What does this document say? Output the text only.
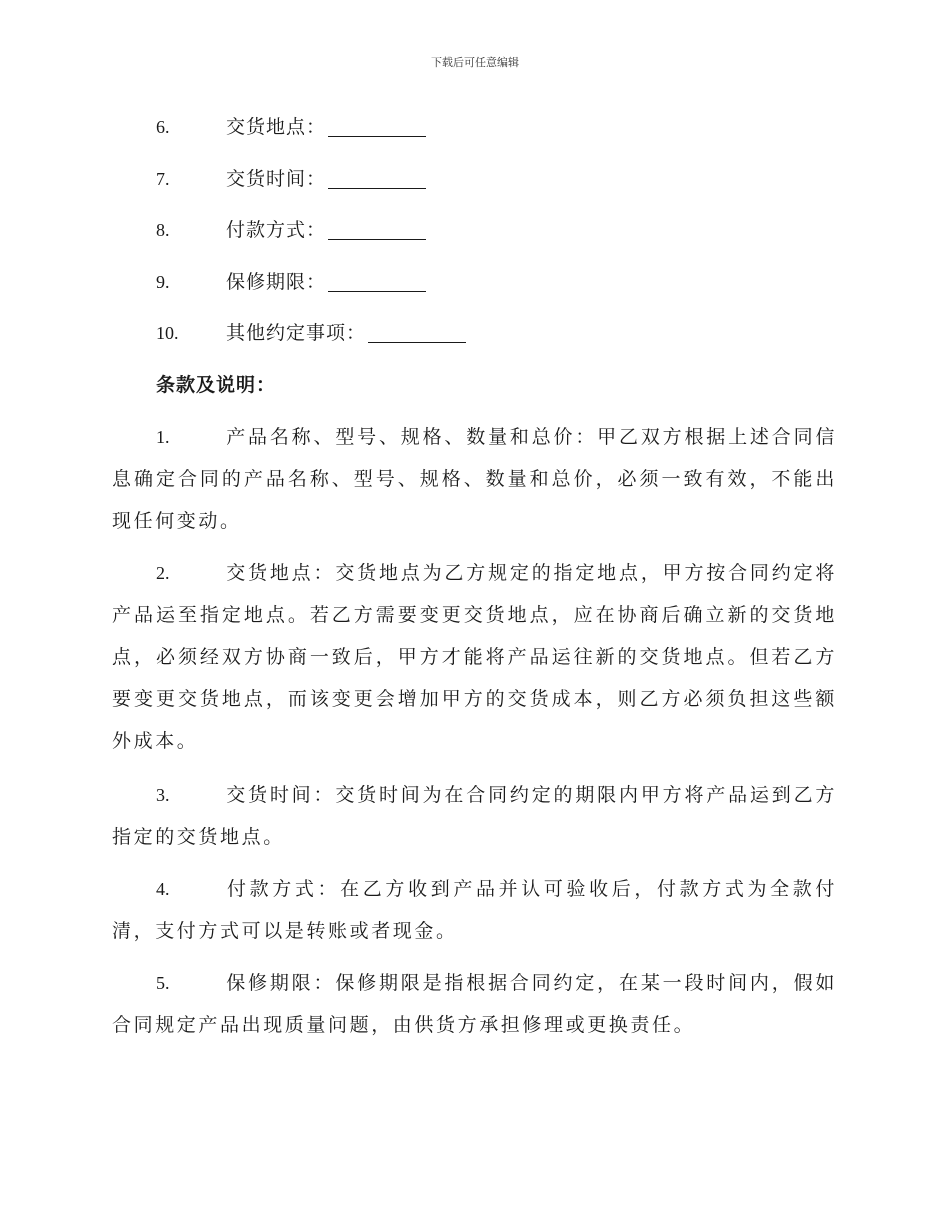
下载后可任意编辑
6.	交货地点：
7.	交货时间：
8.	付款方式：
9.	保修期限：
10.	其他约定事项：
条款及说明：
1.	产品名称、型号、规格、数量和总价：甲乙双方根据上述合同信息确定合同的产品名称、型号、规格、数量和总价，必须一致有效，不能出现任何变动。
2.	交货地点：交货地点为乙方规定的指定地点，甲方按合同约定将产品运至指定地点。若乙方需要变更交货地点，应在协商后确立新的交货地点，必须经双方协商一致后，甲方才能将产品运往新的交货地点。但若乙方要变更交货地点，而该变更会增加甲方的交货成本，则乙方必须负担这些额外成本。
3.	交货时间：交货时间为在合同约定的期限内甲方将产品运到乙方指定的交货地点。
4.	付款方式：在乙方收到产品并认可验收后，付款方式为全款付清，支付方式可以是转账或者现金。
5.	保修期限：保修期限是指根据合同约定，在某一段时间内，假如合同规定产品出现质量问题，由供货方承担修理或更换责任。
